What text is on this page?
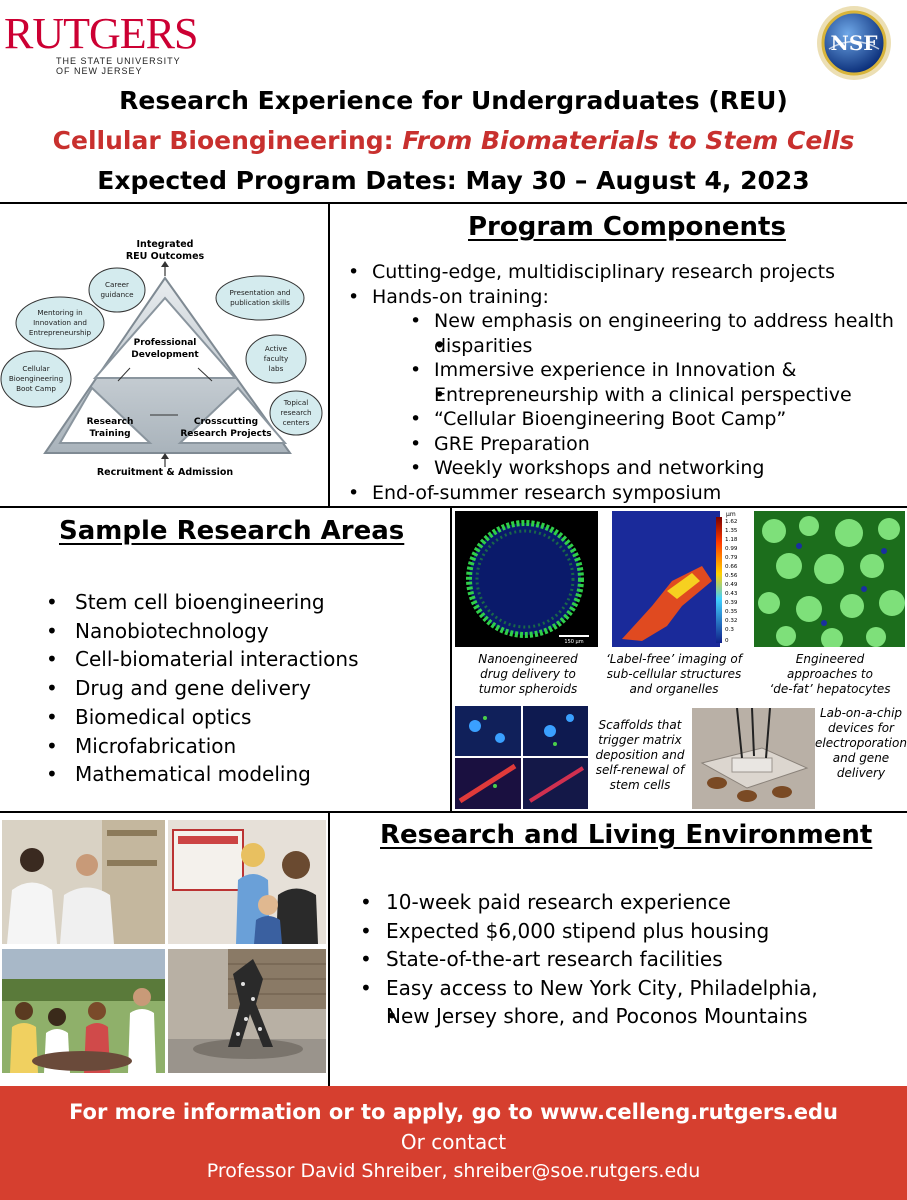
RUTGERS
THE STATE UNIVERSITY
OF NEW JERSEY
NSF
Research Experience for Undergraduates (REU)
Cellular Bioengineering: From Biomaterials to Stem Cells
Expected Program Dates: May 30 – August 4, 2023
Integrated
REU Outcomes
Professional
Development
Research
Training
Crosscutting
Research Projects
Recruitment & Admission
Career
guidance
Mentoring in
Innovation and
Entrepreneurship
Cellular
Bioengineering
Boot Camp
Presentation and
publication skills
Active
faculty
labs
Topical
research
centers
Program Components
• Cutting-edge, multidisciplinary research projects
• Hands-on training:
• New emphasis on engineering to address health
• disparities
• Immersive experience in Innovation &
• Entrepreneurship with a clinical perspective
• “Cellular Bioengineering Boot Camp”
• GRE Preparation
• Weekly workshops and networking
• End-of-summer research symposium
Sample Research Areas
• Stem cell bioengineering
• Nanobiotechnology
• Cell-biomaterial interactions
• Drug and gene delivery
• Biomedical optics
• Microfabrication
• Mathematical modeling
150 µm
µm
1.62
1.35
1.18
0.99
0.79
0.66
0.56
0.49
0.43
0.39
0.35
0.32
0.3
0
Nanoengineered
drug delivery to
tumor spheroids
‘Label-free’ imaging of
sub-cellular structures
and organelles
Engineered
approaches to
‘de-fat’ hepatocytes
Scaffolds that
trigger matrix
deposition and
self-renewal of
stem cells
Lab-on-a-chip
devices for
electroporation
and gene
delivery
Research and Living Environment
• 10-week paid research experience
• Expected $6,000 stipend plus housing
• State-of-the-art research facilities
• Easy access to New York City, Philadelphia,
• New Jersey shore, and Poconos Mountains
For more information or to apply, go to www.celleng.rutgers.edu
Or contact
Professor David Shreiber, shreiber@soe.rutgers.edu
